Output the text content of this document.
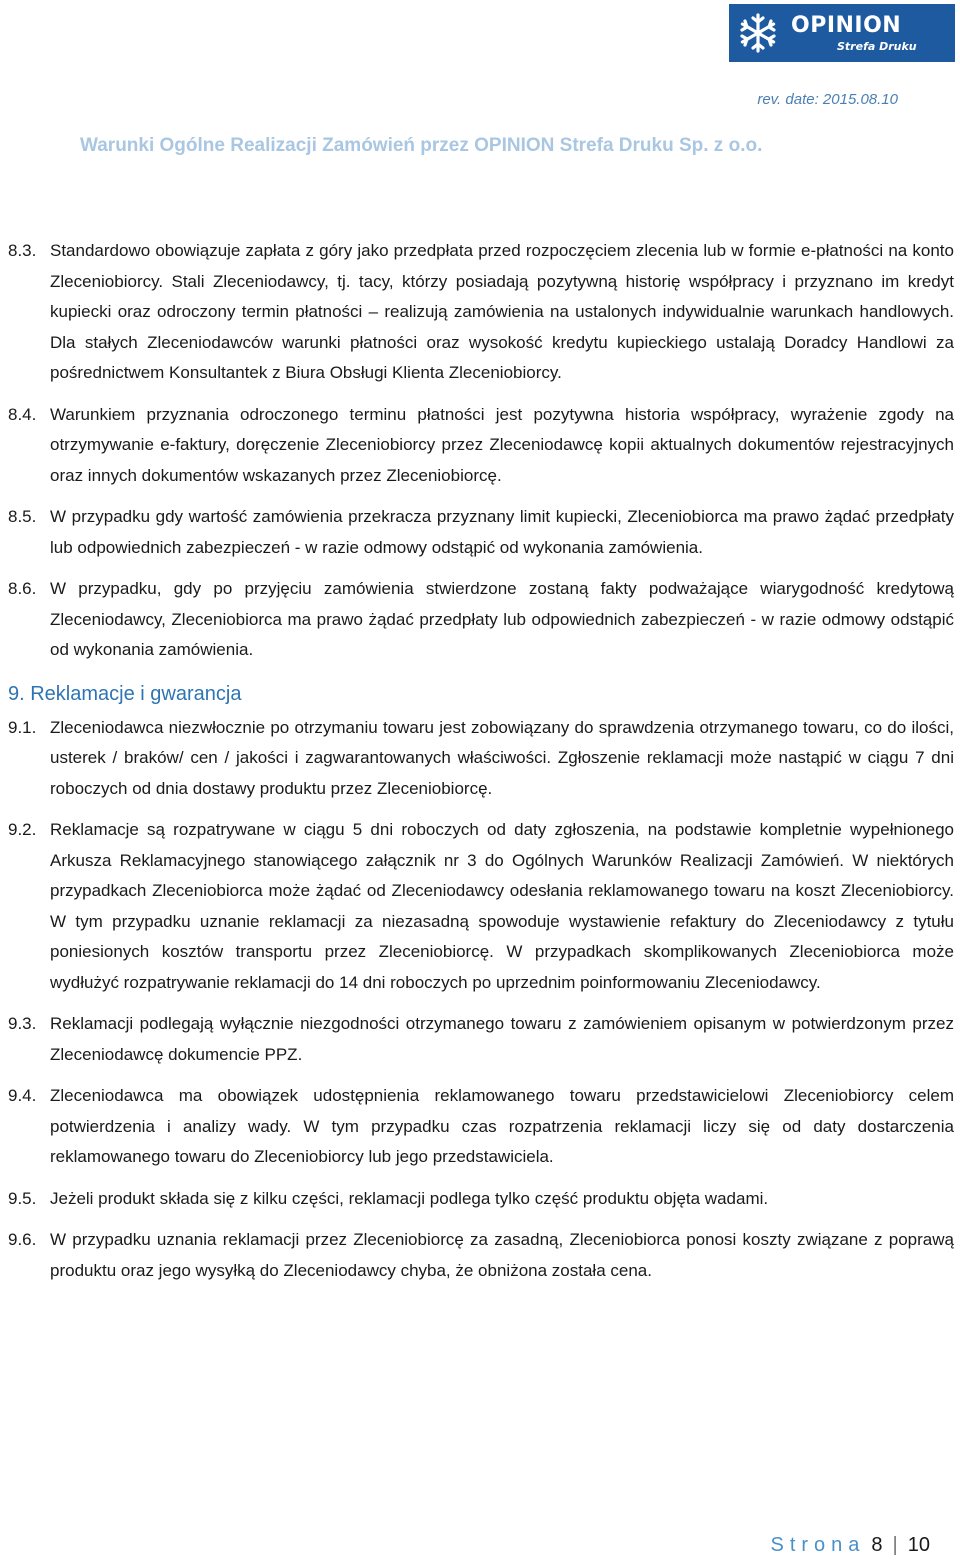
OPINION
Strefa Druku
rev. date: 2015.08.10
Warunki Ogólne Realizacji Zamówień przez OPINION Strefa Druku Sp. z o.o.

8.3. Standardowo obowiązuje zapłata z góry jako przedpłata przed rozpoczęciem zlecenia lub w formie e-płatności na konto Zleceniobiorcy. Stali Zleceniodawcy, tj. tacy, którzy posiadają pozytywną historię współpracy i przyznano im kredyt kupiecki oraz odroczony termin płatności – realizują zamówienia na ustalonych indywidualnie warunkach handlowych. Dla stałych Zleceniodawców warunki płatności oraz wysokość kredytu kupieckiego ustalają Doradcy Handlowi za pośrednictwem Konsultantek z Biura Obsługi Klienta Zleceniobiorcy.

8.4. Warunkiem przyznania odroczonego terminu płatności jest pozytywna historia współpracy, wyrażenie zgody na otrzymywanie e-faktury, doręczenie Zleceniobiorcy przez Zleceniodawcę kopii aktualnych dokumentów rejestracyjnych oraz innych dokumentów wskazanych przez Zleceniobiorcę.

8.5. W przypadku gdy wartość zamówienia przekracza przyznany limit kupiecki, Zleceniobiorca ma prawo żądać przedpłaty lub odpowiednich zabezpieczeń - w razie odmowy odstąpić od wykonania zamówienia.

8.6. W przypadku, gdy po przyjęciu zamówienia stwierdzone zostaną fakty podważające wiarygodność kredytową Zleceniodawcy, Zleceniobiorca ma prawo żądać przedpłaty lub odpowiednich zabezpieczeń - w razie odmowy odstąpić od wykonania zamówienia.

9. Reklamacje i gwarancja

9.1. Zleceniodawca niezwłocznie po otrzymaniu towaru jest zobowiązany do sprawdzenia otrzymanego towaru, co do ilości, usterek / braków/ cen / jakości i zagwarantowanych właściwości. Zgłoszenie reklamacji może nastąpić w ciągu 7 dni roboczych od dnia dostawy produktu przez Zleceniobiorcę.

9.2. Reklamacje są rozpatrywane w ciągu 5 dni roboczych od daty zgłoszenia, na podstawie kompletnie wypełnionego Arkusza Reklamacyjnego stanowiącego załącznik nr 3 do Ogólnych Warunków Realizacji Zamówień. W niektórych przypadkach Zleceniobiorca może żądać od Zleceniodawcy odesłania reklamowanego towaru na koszt Zleceniobiorcy. W tym przypadku uznanie reklamacji za niezasadną spowoduje wystawienie refaktury do Zleceniodawcy z tytułu poniesionych kosztów transportu przez Zleceniobiorcę. W przypadkach skomplikowanych Zleceniobiorca może wydłużyć rozpatrywanie reklamacji do 14 dni roboczych po uprzednim poinformowaniu Zleceniodawcy.

9.3. Reklamacji podlegają wyłącznie niezgodności otrzymanego towaru z zamówieniem opisanym w potwierdzonym przez Zleceniodawcę dokumencie PPZ.

9.4. Zleceniodawca ma obowiązek udostępnienia reklamowanego towaru przedstawicielowi Zleceniobiorcy celem potwierdzenia i analizy wady. W tym przypadku czas rozpatrzenia reklamacji liczy się od daty dostarczenia reklamowanego towaru do Zleceniobiorcy lub jego przedstawiciela.

9.5. Jeżeli produkt składa się z kilku części, reklamacji podlega tylko część produktu objęta wadami.

9.6. W przypadku uznania reklamacji przez Zleceniobiorcę za zasadną, Zleceniobiorca ponosi koszty związane z poprawą produktu oraz jego wysyłką do Zleceniodawcy chyba, że obniżona została cena.

Strona 8 | 10
